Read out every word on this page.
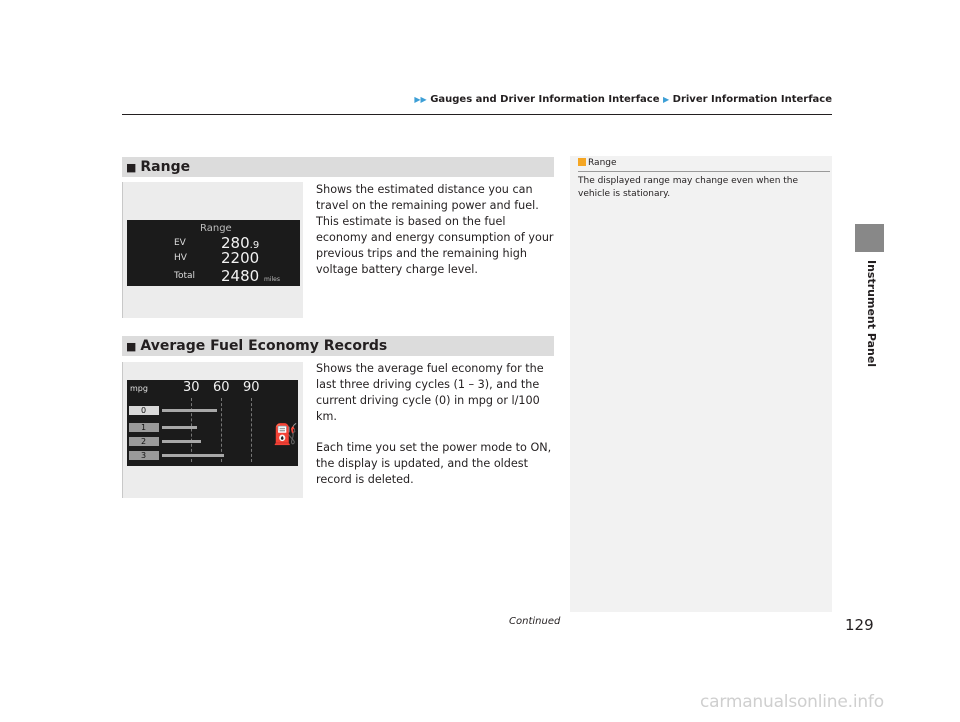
▶▶ Gauges and Driver Information Interface ▶ Driver Information Interface
Instrument Panel
■ Range
Range
EV 280.9
HV 2200
Total 2480 miles

Shows the estimated distance you can travel on the remaining power and fuel. This estimate is based on the fuel economy and energy consumption of your previous trips and the remaining high voltage battery charge level.

■ Average Fuel Economy Records
mpg	30 60 90
0
1
2
3
⛽

Shows the average fuel economy for the last three driving cycles (1 – 3), and the current driving cycle (0) in mpg or l/100 km.

Each time you set the power mode to ON, the display is updated, and the oldest record is deleted.

Range
The displayed range may change even when the vehicle is stationary.
Continued	129
carmanualsonline.info
